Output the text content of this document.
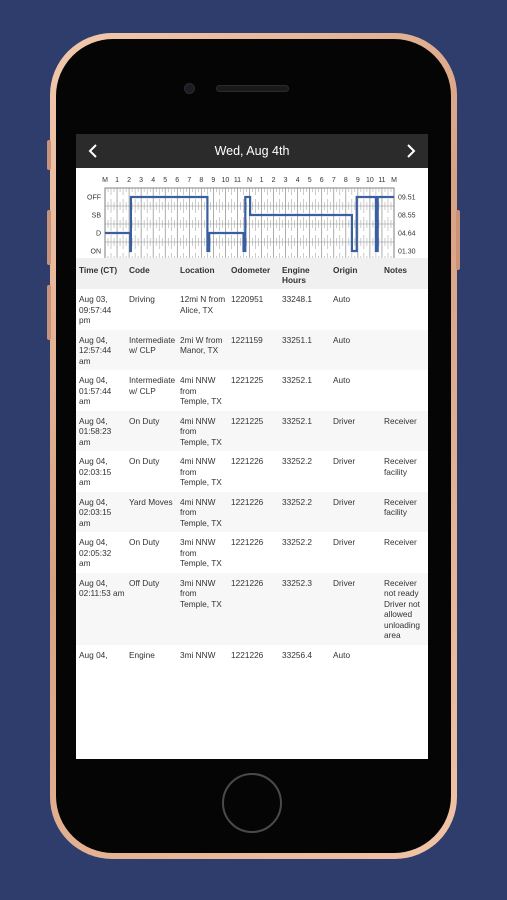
Wed, Aug 4th
M 1 2 3 4 5 6 7 8 9 10 11 N 1 2 3 4 5 6 7 8 9 10 11 M
OFF
SB
D
ON
09.51
08.55
04.64
01.30
Time (CT)	Code	Location	Odometer	Engine Hours	Origin	Notes
Aug 03, 09:57:44 pm	Driving	12mi N from Alice, TX	1220951	33248.1	Auto	
Aug 04, 12:57:44 am	Intermediate w/ CLP	2mi W from Manor, TX	1221159	33251.1	Auto	
Aug 04, 01:57:44 am	Intermediate w/ CLP	4mi NNW from Temple, TX	1221225	33252.1	Auto	
Aug 04, 01:58:23 am	On Duty	4mi NNW from Temple, TX	1221225	33252.1	Driver	Receiver
Aug 04, 02:03:15 am	On Duty	4mi NNW from Temple, TX	1221226	33252.2	Driver	Receiver facility
Aug 04, 02:03:15 am	Yard Moves	4mi NNW from Temple, TX	1221226	33252.2	Driver	Receiver facility
Aug 04, 02:05:32 am	On Duty	3mi NNW from Temple, TX	1221226	33252.2	Driver	Receiver
Aug 04, 02:11:53 am	Off Duty	3mi NNW from Temple, TX	1221226	33252.3	Driver	Receiver not ready Driver not allowed unloading area
Aug 04,	Engine	3mi NNW	1221226	33256.4	Auto	
